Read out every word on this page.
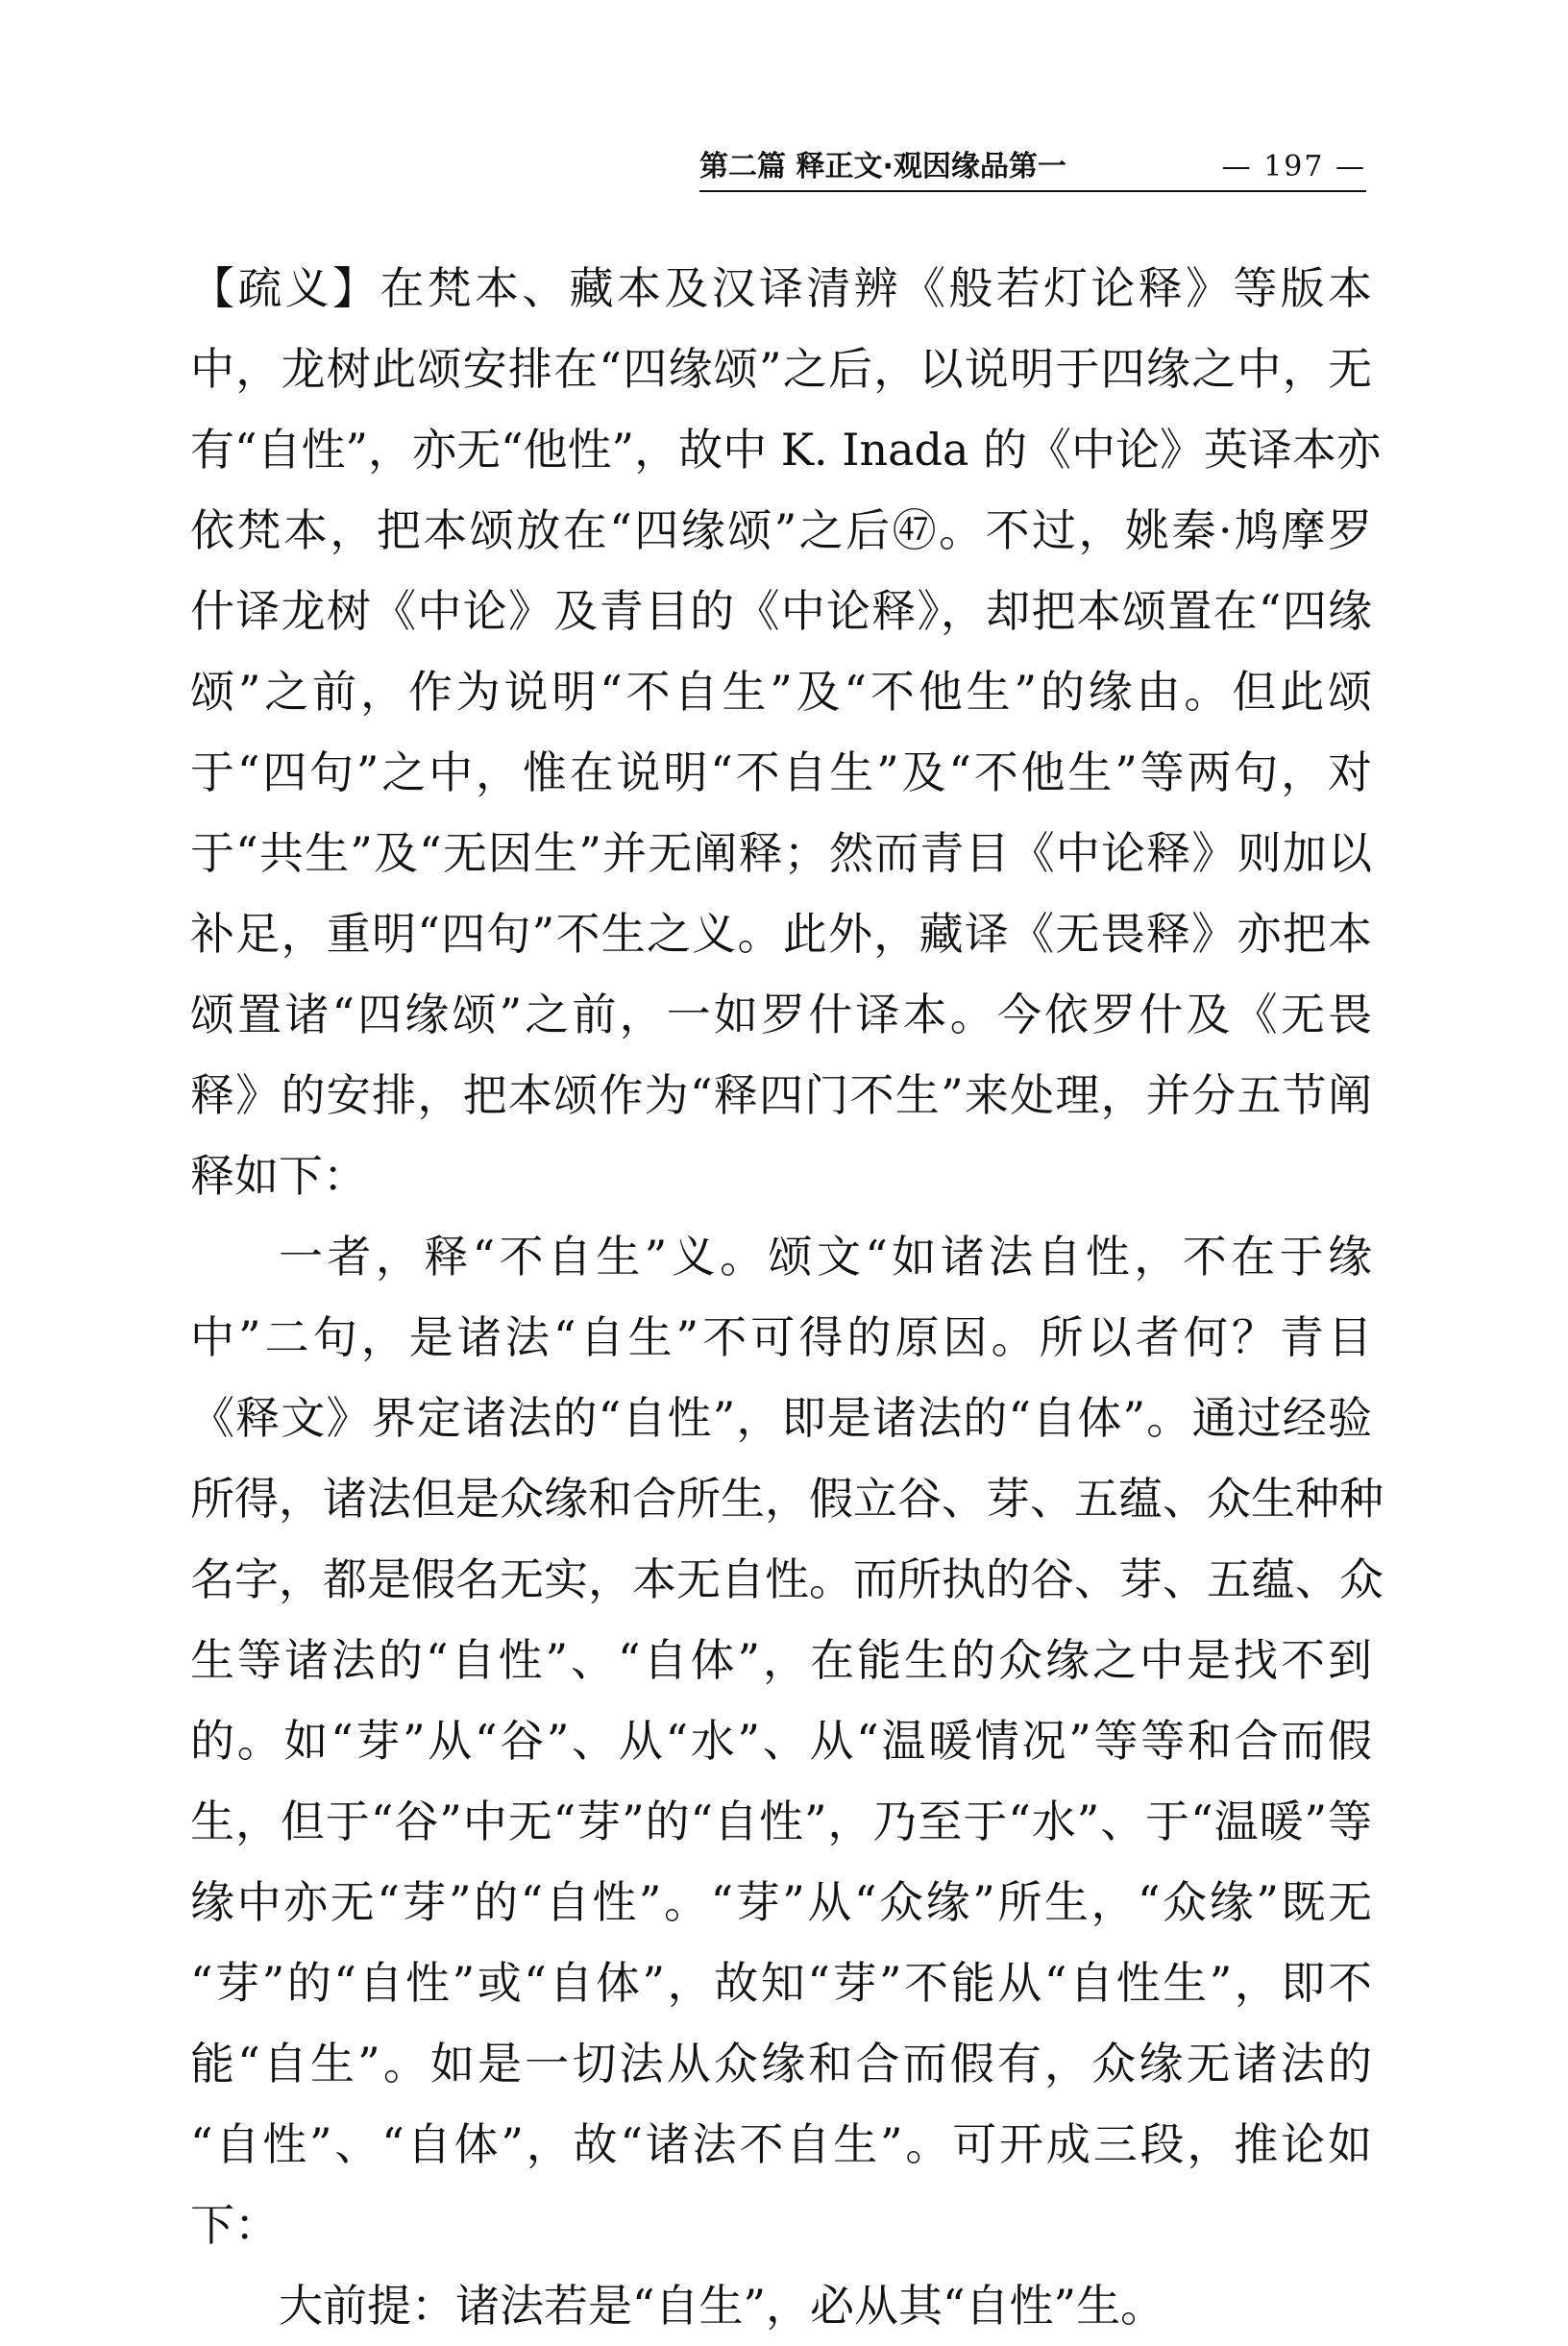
第二篇 释正文·观因缘品第一	— 197 —
【疏义】在梵本、藏本及汉译清辨《般若灯论释》等版本
中，龙树此颂安排在“四缘颂”之后，以说明于四缘之中，无
有“自性”，亦无“他性”，故中 K. Inada 的《中论》英译本亦
依梵本，把本颂放在“四缘颂”之后㊼。不过，姚秦·鸠摩罗
什译龙树《中论》及青目的《中论释》，却把本颂置在“四缘
颂”之前，作为说明“不自生”及“不他生”的缘由。但此颂
于“四句”之中，惟在说明“不自生”及“不他生”等两句，对
于“共生”及“无因生”并无阐释；然而青目《中论释》则加以
补足，重明“四句”不生之义。此外，藏译《无畏释》亦把本
颂置诸“四缘颂”之前，一如罗什译本。今依罗什及《无畏
释》的安排，把本颂作为“释四门不生”来处理，并分五节阐
释如下：
一者，释“不自生”义。颂文“如诸法自性，不在于缘
中”二句，是诸法“自生”不可得的原因。所以者何？青目
《释文》界定诸法的“自性”，即是诸法的“自体”。通过经验
所得，诸法但是众缘和合所生，假立谷、芽、五蕴、众生种种
名字，都是假名无实，本无自性。而所执的谷、芽、五蕴、众
生等诸法的“自性”、“自体”，在能生的众缘之中是找不到
的。如“芽”从“谷”、从“水”、从“温暖情况”等等和合而假
生，但于“谷”中无“芽”的“自性”，乃至于“水”、于“温暖”等
缘中亦无“芽”的“自性”。“芽”从“众缘”所生，“众缘”既无
“芽”的“自性”或“自体”，故知“芽”不能从“自性生”，即不
能“自生”。如是一切法从众缘和合而假有，众缘无诸法的
“自性”、“自体”，故“诸法不自生”。可开成三段，推论如
下：
大前提：诸法若是“自生”，必从其“自性”生。
